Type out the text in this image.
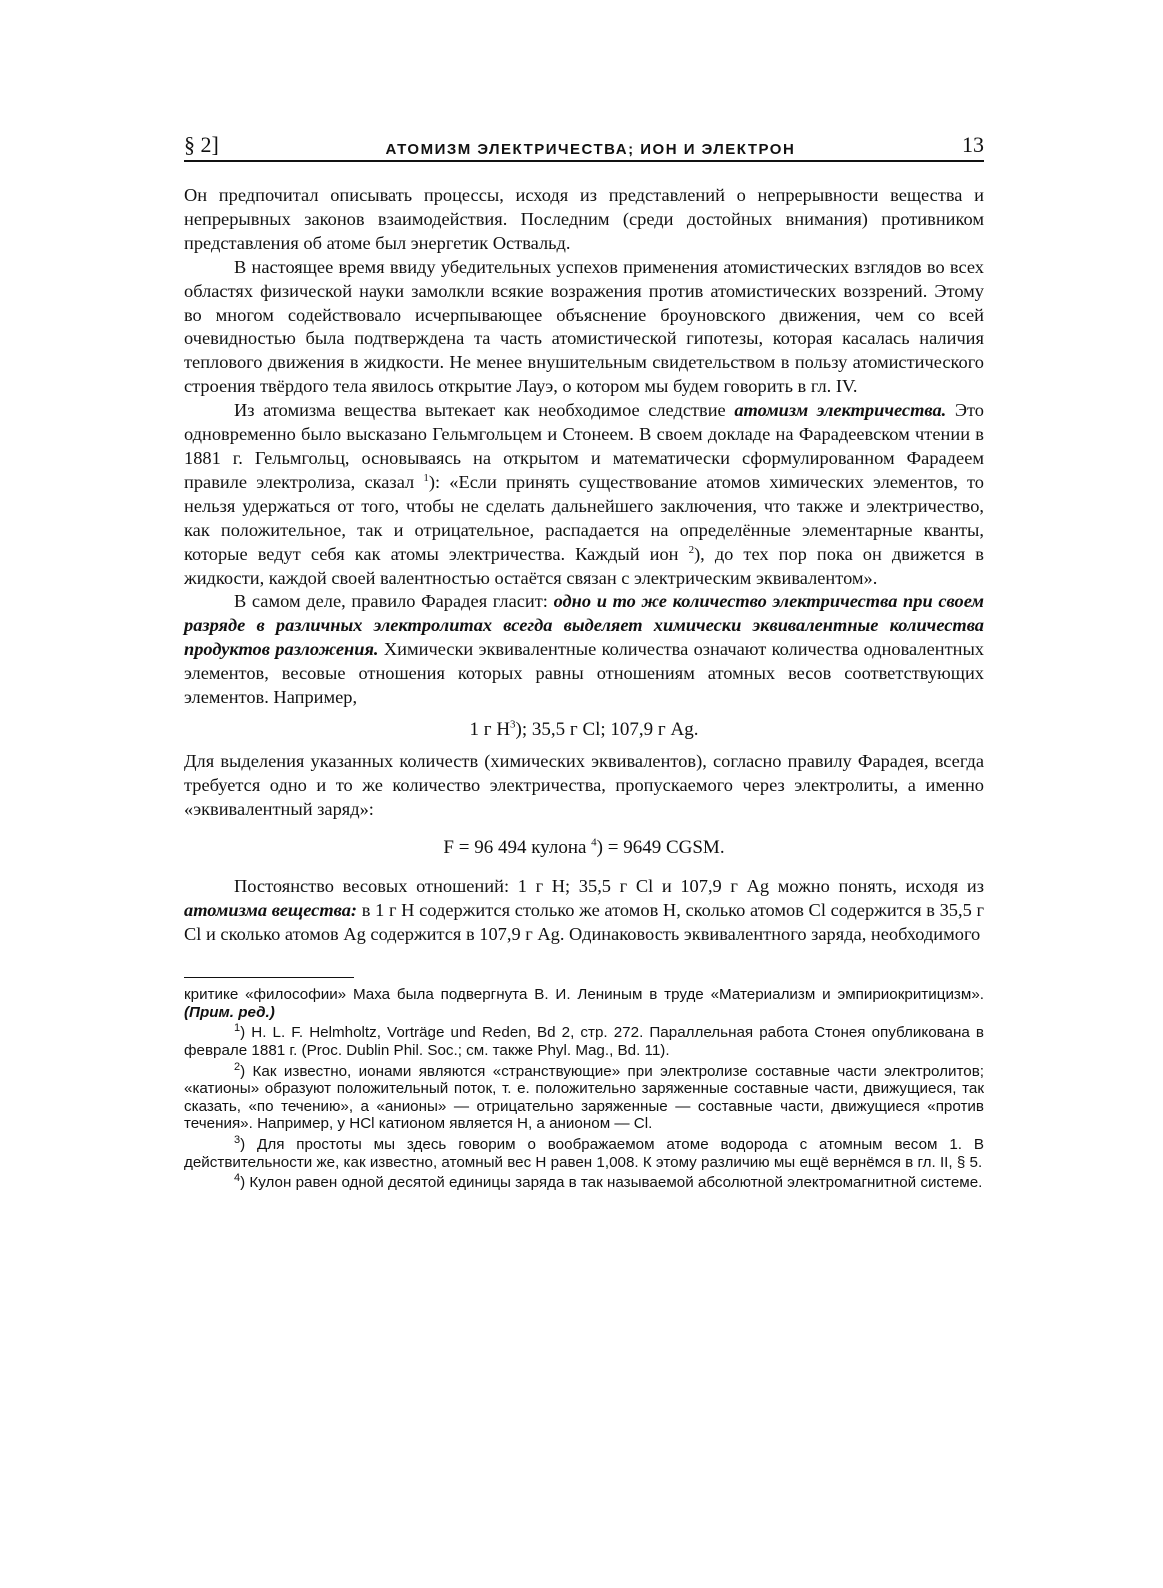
§ 2]	АТОМИЗМ ЭЛЕКТРИЧЕСТВА; ИОН И ЭЛЕКТРОН	13

Он предпочитал описывать процессы, исходя из представлений о непрерывности вещества и непрерывных законов взаимодействия. Последним (среди достойных внимания) противником представления об атоме был энергетик Оствальд.

В настоящее время ввиду убедительных успехов применения атомистических взглядов во всех областях физической науки замолкли всякие возражения против атомистических воззрений. Этому во многом содействовало исчерпывающее объяснение броуновского движения, чем со всей очевидностью была подтверждена та часть атомистической гипотезы, которая касалась наличия теплового движения в жидкости. Не менее внушительным свидетельством в пользу атомистического строения твёрдого тела явилось открытие Лауэ, о котором мы будем говорить в гл. IV.

Из атомизма вещества вытекает как необходимое следствие атомизм электричества. Это одновременно было высказано Гельмгольцем и Стонеем. В своем докладе на Фарадеевском чтении в 1881 г. Гельмгольц, основываясь на открытом и математически сформулированном Фарадеем правиле электролиза, сказал $^1$): «Если принять существование атомов химических элементов, то нельзя удержаться от того, чтобы не сделать дальнейшего заключения, что также и электричество, как положительное, так и отрицательное, распадается на определённые элементарные кванты, которые ведут себя как атомы электричества. Каждый ион $^2$), до тех пор пока он движется в жидкости, каждой своей валентностью остаётся связан с электрическим эквивалентом».

В самом деле, правило Фарадея гласит: одно и то же количество электричества при своем разряде в различных электролитах всегда выделяет химически эквивалентные количества продуктов разложения. Химически эквивалентные количества означают количества одновалентных элементов, весовые отношения которых равны отношениям атомных весов соответствующих элементов. Например,

1 г $H^3$); 35,5 г Cl; 107,9 г Ag.

Для выделения указанных количеств (химических эквивалентов), согласно правилу Фарадея, всегда требуется одно и то же количество электричества, пропускаемого через электролиты, а именно «эквивалентный заряд»:

F = 96 494 кулона $^4$) = 9649 CGSM.

Постоянство весовых отношений: 1 г H; 35,5 г Cl и 107,9 г Ag можно понять, исходя из атомизма вещества: в 1 г H содержится столько же атомов H, сколько атомов Cl содержится в 35,5 г Cl и сколько атомов Ag содержится в 107,9 г Ag. Одинаковость эквивалентного заряда, необходимого

критике «философии» Маха была подвергнута В. И. Лениным в труде «Материализм и эмпириокритицизм». (Прим. ред.)

$^1$) H. L. F. Helmholtz, Vorträge und Reden, Bd 2, стр. 272. Параллельная работа Стонея опубликована в феврале 1881 г. (Proc. Dublin Phil. Soc.; см. также Phyl. Mag., Bd. 11).

$^2$) Как известно, ионами являются «странствующие» при электролизе составные части электролитов; «катионы» образуют положительный поток, т. е. положительно заряженные составные части, движущиеся, так сказать, «по течению», а «анионы» — отрицательно заряженные — составные части, движущиеся «против течения». Например, у HCl катионом является H, а анионом — Cl.

$^3$) Для простоты мы здесь говорим о воображаемом атоме водорода с атомным весом 1. В действительности же, как известно, атомный вес H равен 1,008. К этому различию мы ещё вернёмся в гл. II, § 5.

$^4$) Кулон равен одной десятой единицы заряда в так называемой абсолютной электромагнитной системе.
